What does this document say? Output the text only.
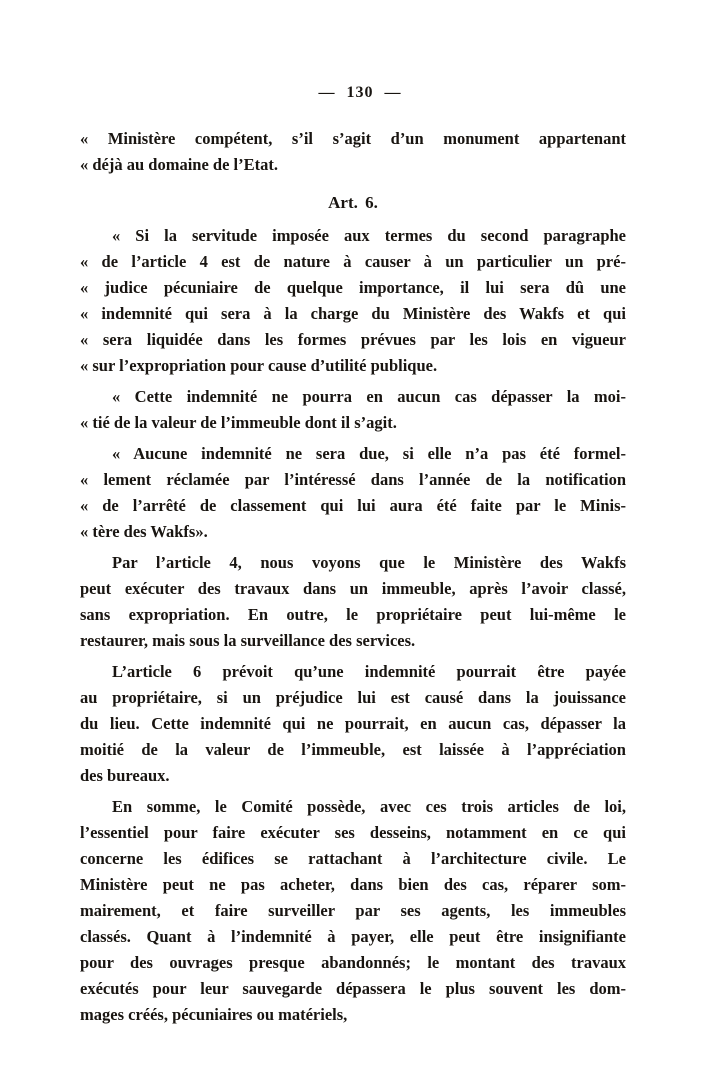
— 130 —
« Ministère compétent, s’il s’agit d’un monument appartenant
« déjà au domaine de l’Etat.
Art. 6.
« Si la servitude imposée aux termes du second paragraphe
« de l’article 4 est de nature à causer à un particulier un pré-
« judice pécuniaire de quelque importance, il lui sera dû une
« indemnité qui sera à la charge du Ministère des Wakfs et qui
« sera liquidée dans les formes prévues par les lois en vigueur
« sur l’expropriation pour cause d’utilité publique.
« Cette indemnité ne pourra en aucun cas dépasser la moi-
« tié de la valeur de l’immeuble dont il s’agit.
« Aucune indemnité ne sera due, si elle n’a pas été formel-
« lement réclamée par l’intéressé dans l’année de la notification
« de l’arrêté de classement qui lui aura été faite par le Minis-
« tère des Wakfs».
Par l’article 4, nous voyons que le Ministère des Wakfs
peut exécuter des travaux dans un immeuble, après l’avoir classé,
sans expropriation. En outre, le propriétaire peut lui-même le
restaurer, mais sous la surveillance des services.
L’article 6 prévoit qu’une indemnité pourrait être payée
au propriétaire, si un préjudice lui est causé dans la jouissance
du lieu. Cette indemnité qui ne pourrait, en aucun cas, dépasser la
moitié de la valeur de l’immeuble, est laissée à l’appréciation
des bureaux.
En somme, le Comité possède, avec ces trois articles de loi,
l’essentiel pour faire exécuter ses desseins, notamment en ce qui
concerne les édifices se rattachant à l’architecture civile. Le
Ministère peut ne pas acheter, dans bien des cas, réparer som-
mairement, et faire surveiller par ses agents, les immeubles
classés. Quant à l’indemnité à payer, elle peut être insignifiante
pour des ouvrages presque abandonnés; le montant des travaux
exécutés pour leur sauvegarde dépassera le plus souvent les dom-
mages créés, pécuniaires ou matériels,
